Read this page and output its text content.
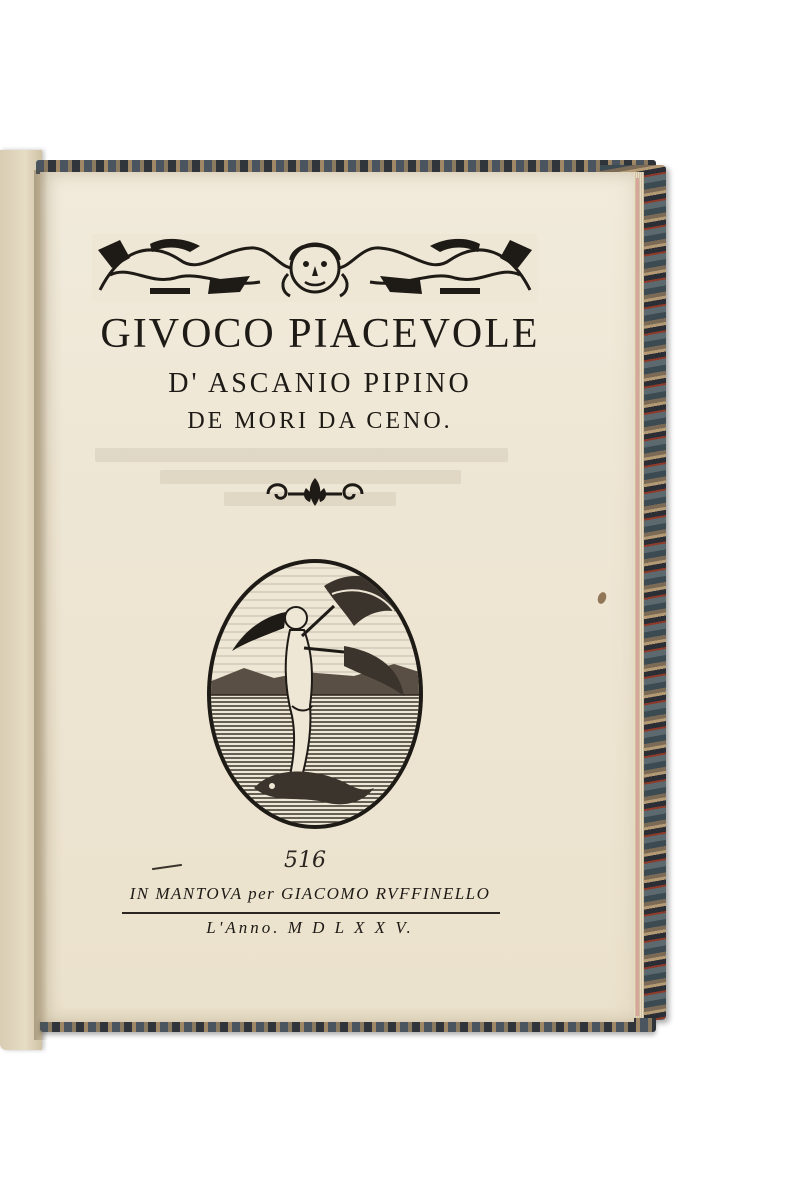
GIVOCO PIACEVOLE
D' ASCANIO PIPINO
DE MORI DA CENO.
516
IN MANTOVA per GIACOMO RVFFINELLO
L'Anno. M D L X X V.
